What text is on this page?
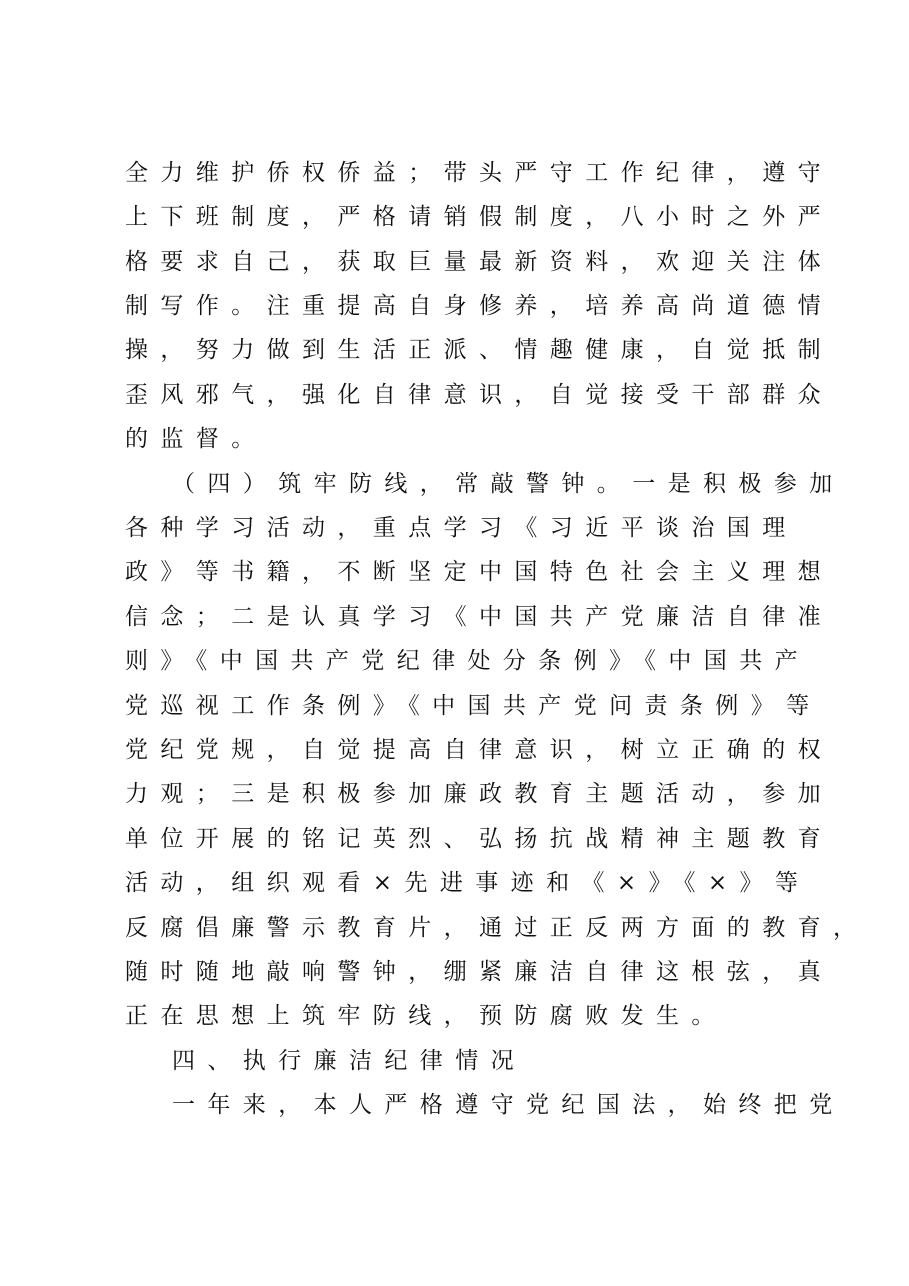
全力维护侨权侨益；带头严守工作纪律，遵守
上下班制度，严格请销假制度，八小时之外严
格要求自己，获取巨量最新资料，欢迎关注体
制写作。注重提高自身修养，培养高尚道德情
操，努力做到生活正派、情趣健康，自觉抵制
歪风邪气，强化自律意识，自觉接受干部群众
的监督。
（四）筑牢防线，常敲警钟。一是积极参加
各种学习活动，重点学习《习近平谈治国理
政》等书籍，不断坚定中国特色社会主义理想
信念；二是认真学习《中国共产党廉洁自律准
则》《中国共产党纪律处分条例》《中国共产
党巡视工作条例》《中国共产党问责条例》等
党纪党规，自觉提高自律意识，树立正确的权
力观；三是积极参加廉政教育主题活动，参加
单位开展的铭记英烈、弘扬抗战精神主题教育
活动，组织观看×先进事迹和《×》《×》等
反腐倡廉警示教育片，通过正反两方面的教育，
随时随地敲响警钟，绷紧廉洁自律这根弦，真
正在思想上筑牢防线，预防腐败发生。
四、执行廉洁纪律情况
一年来，本人严格遵守党纪国法，始终把党
